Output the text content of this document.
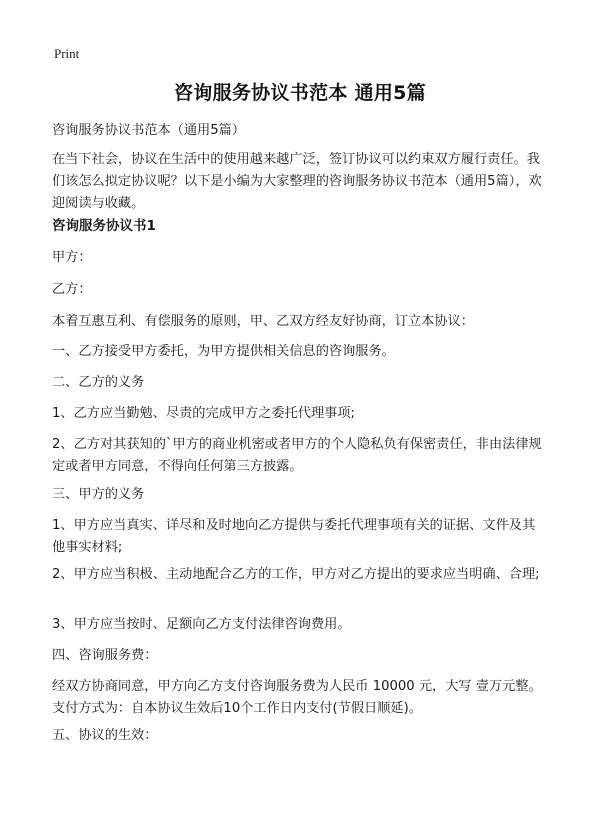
Print
咨询服务协议书范本 通用5篇

咨询服务协议书范本（通用5篇）

在当下社会，协议在生活中的使用越来越广泛，签订协议可以约束双方履行责任。我们该怎么拟定协议呢？以下是小编为大家整理的咨询服务协议书范本（通用5篇），欢迎阅读与收藏。

咨询服务协议书1

甲方：

乙方：

本着互惠互利、有偿服务的原则，甲、乙双方经友好协商，订立本协议：

一、乙方接受甲方委托，为甲方提供相关信息的咨询服务。

二、乙方的义务

1、乙方应当勤勉、尽责的完成甲方之委托代理事项;

2、乙方对其获知的`甲方的商业机密或者甲方的个人隐私负有保密责任，非由法律规定或者甲方同意，不得向任何第三方披露。

三、甲方的义务

1、甲方应当真实、详尽和及时地向乙方提供与委托代理事项有关的证据、文件及其他事实材料;

2、甲方应当积极、主动地配合乙方的工作，甲方对乙方提出的要求应当明确、合理;

3、甲方应当按时、足额向乙方支付法律咨询费用。

四、咨询服务费：

经双方协商同意，甲方向乙方支付咨询服务费为人民币 10000 元，大写 壹万元整。支付方式为：自本协议生效后10个工作日内支付(节假日顺延)。

五、协议的生效：
